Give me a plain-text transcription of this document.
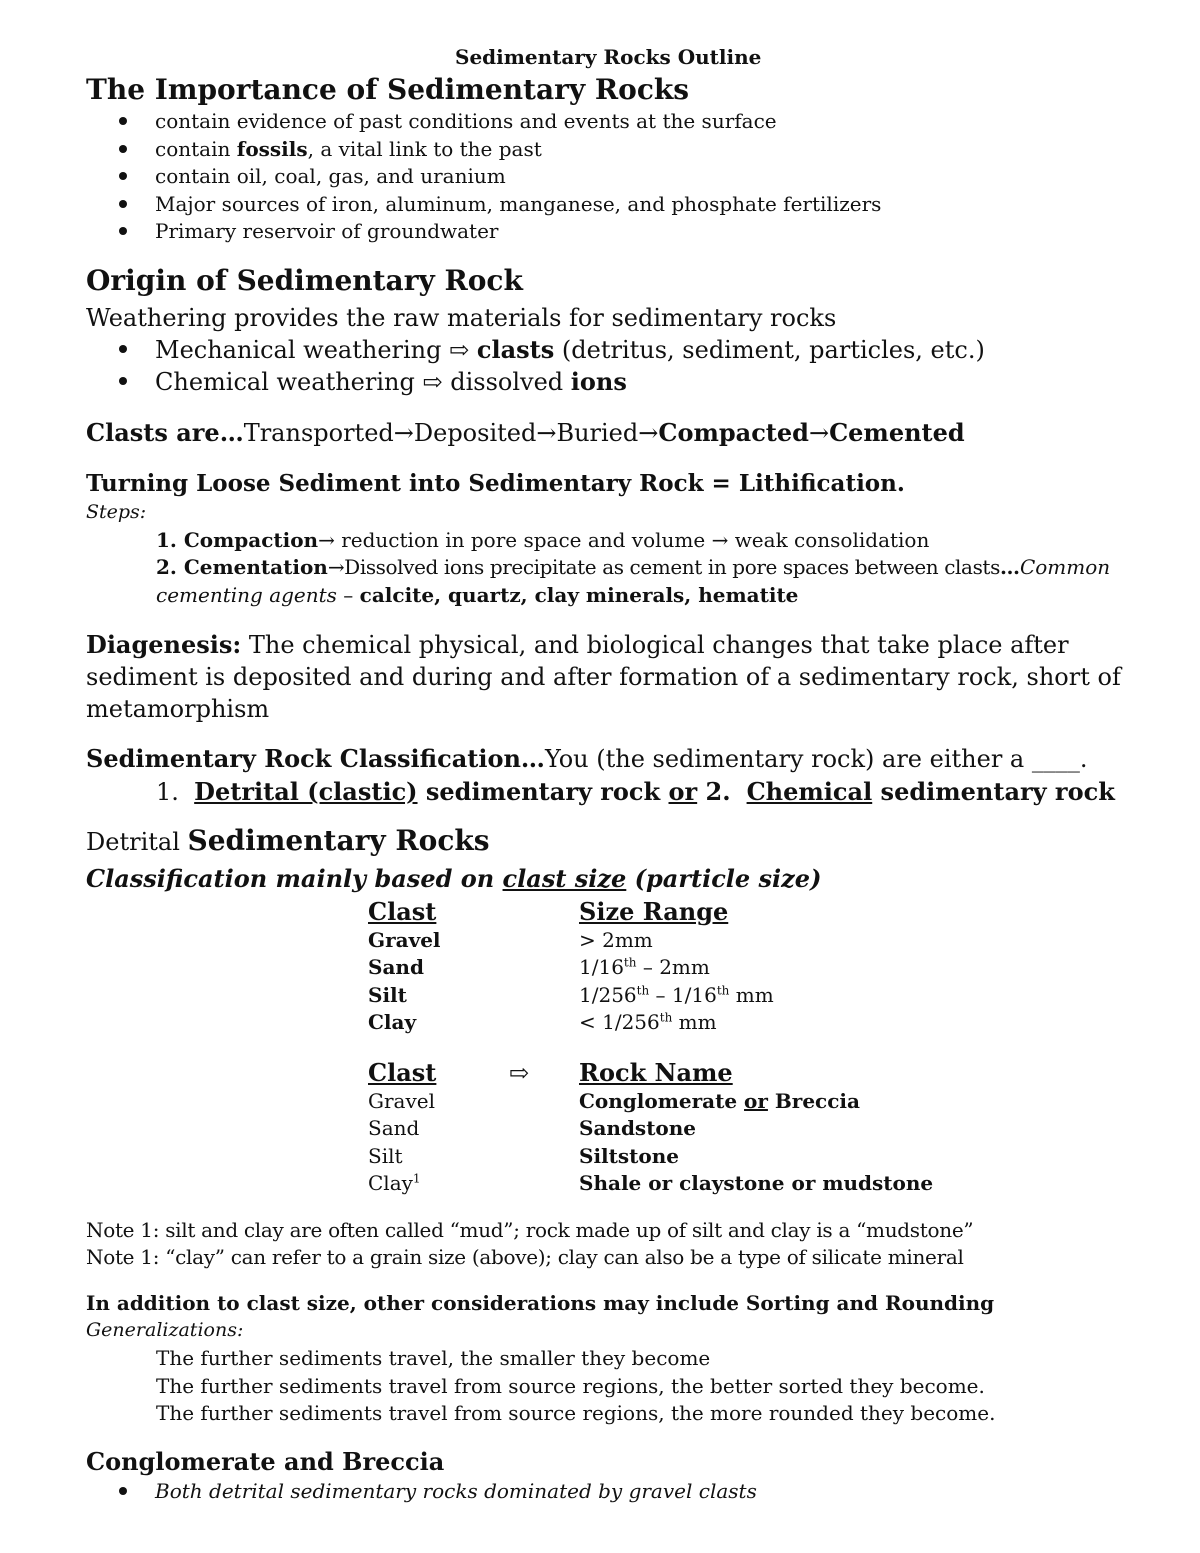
Sedimentary Rocks Outline
The Importance of Sedimentary Rocks
contain evidence of past conditions and events at the surface
contain fossils, a vital link to the past
contain oil, coal, gas, and uranium
Major sources of iron, aluminum, manganese, and phosphate fertilizers
Primary reservoir of groundwater
Origin of Sedimentary Rock
Weathering provides the raw materials for sedimentary rocks
Mechanical weathering ⇨ clasts (detritus, sediment, particles, etc.)
Chemical weathering ⇨ dissolved ions
Clasts are…Transported→Deposited→Buried→Compacted→Cemented
Turning Loose Sediment into Sedimentary Rock = Lithification.
Steps:
1. Compaction→ reduction in pore space and volume → weak consolidation
2. Cementation→Dissolved ions precipitate as cement in pore spaces between clasts…Common
cementing agents – calcite, quartz, clay minerals, hematite
Diagenesis: The chemical physical, and biological changes that take place after
sediment is deposited and during and after formation of a sedimentary rock, short of
metamorphism
Sedimentary Rock Classification…You (the sedimentary rock) are either a ____.
1. Detrital (clastic) sedimentary rock or 2.  Chemical sedimentary rock
Detrital Sedimentary Rocks
Classification mainly based on clast size (particle size)
Clast	Size Range
Gravel	> 2mm
Sand	1/16th – 2mm
Silt	1/256th – 1/16th mm
Clay	< 1/256th mm
Clast	⇨ Rock Name
Gravel	Conglomerate or Breccia
Sand	Sandstone
Silt	Siltstone
Clay$^1$	Shale or claystone or mudstone
Note 1: silt and clay are often called “mud”; rock made up of silt and clay is a “mudstone”
Note 1: “clay” can refer to a grain size (above); clay can also be a type of silicate mineral
In addition to clast size, other considerations may include Sorting and Rounding
Generalizations:
The further sediments travel, the smaller they become
The further sediments travel from source regions, the better sorted they become.
The further sediments travel from source regions, the more rounded they become.
Conglomerate and Breccia
Both detrital sedimentary rocks dominated by gravel clasts
